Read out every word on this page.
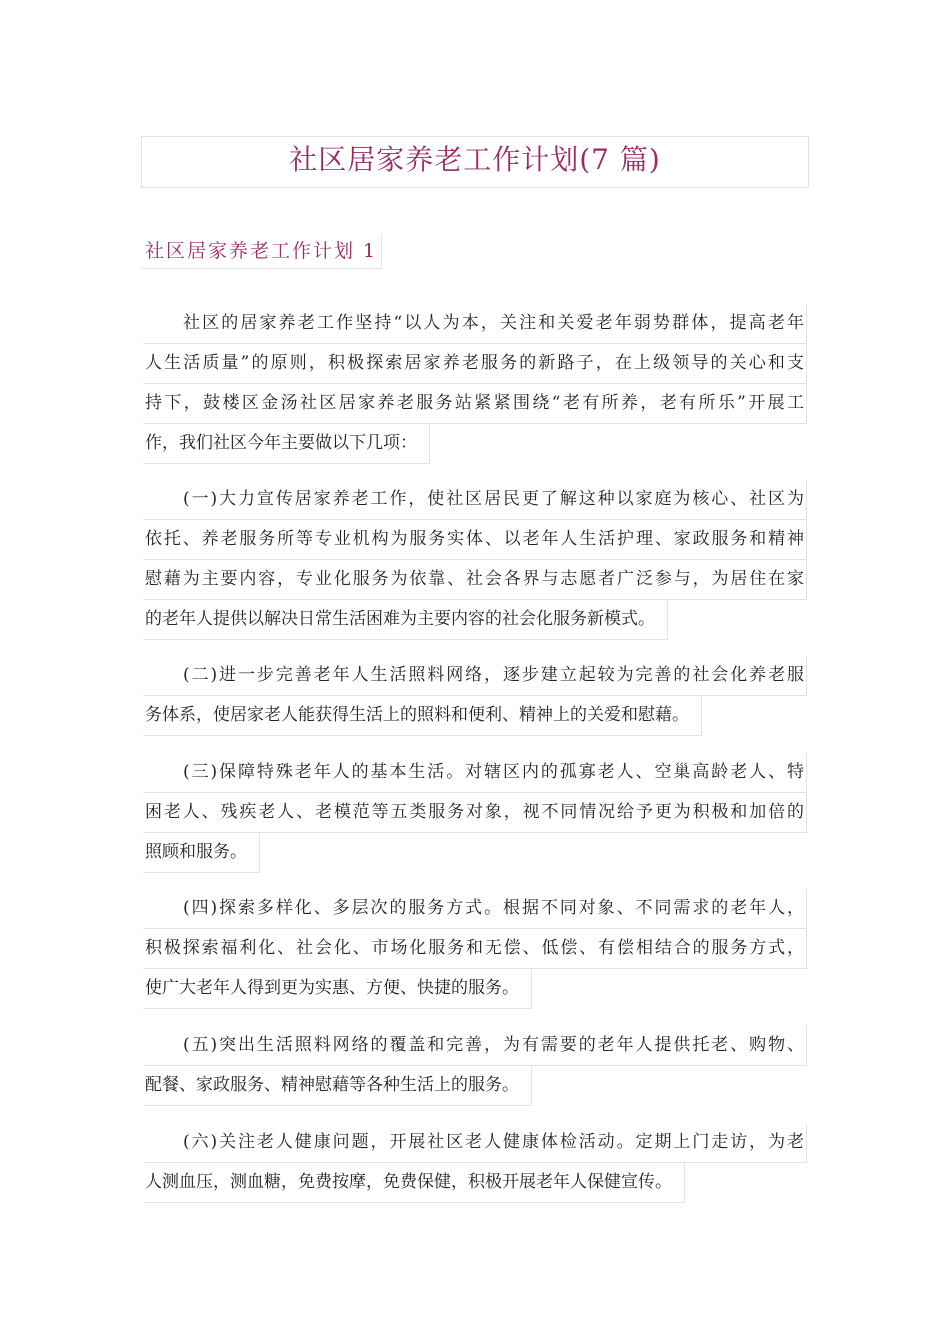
社区居家养老工作计划(7 篇)
社区居家养老工作计划 1
社区的居家养老工作坚持“以人为本，关注和关爱老年弱势群体，提高老年
人生活质量”的原则，积极探索居家养老服务的新路子，在上级领导的关心和支
持下，鼓楼区金汤社区居家养老服务站紧紧围绕“老有所养，老有所乐”开展工
作，我们社区今年主要做以下几项：
(一)大力宣传居家养老工作，使社区居民更了解这种以家庭为核心、社区为
依托、养老服务所等专业机构为服务实体、以老年人生活护理、家政服务和精神
慰藉为主要内容，专业化服务为依靠、社会各界与志愿者广泛参与，为居住在家
的老年人提供以解决日常生活困难为主要内容的社会化服务新模式。
(二)进一步完善老年人生活照料网络，逐步建立起较为完善的社会化养老服
务体系，使居家老人能获得生活上的照料和便利、精神上的关爱和慰藉。
(三)保障特殊老年人的基本生活。对辖区内的孤寡老人、空巢高龄老人、特
困老人、残疾老人、老模范等五类服务对象，视不同情况给予更为积极和加倍的
照顾和服务。
(四)探索多样化、多层次的服务方式。根据不同对象、不同需求的老年人，
积极探索福利化、社会化、市场化服务和无偿、低偿、有偿相结合的服务方式，
使广大老年人得到更为实惠、方便、快捷的服务。
(五)突出生活照料网络的覆盖和完善，为有需要的老年人提供托老、购物、
配餐、家政服务、精神慰藉等各种生活上的服务。
(六)关注老人健康问题，开展社区老人健康体检活动。定期上门走访，为老
人测血压，测血糖，免费按摩，免费保健，积极开展老年人保健宣传。
